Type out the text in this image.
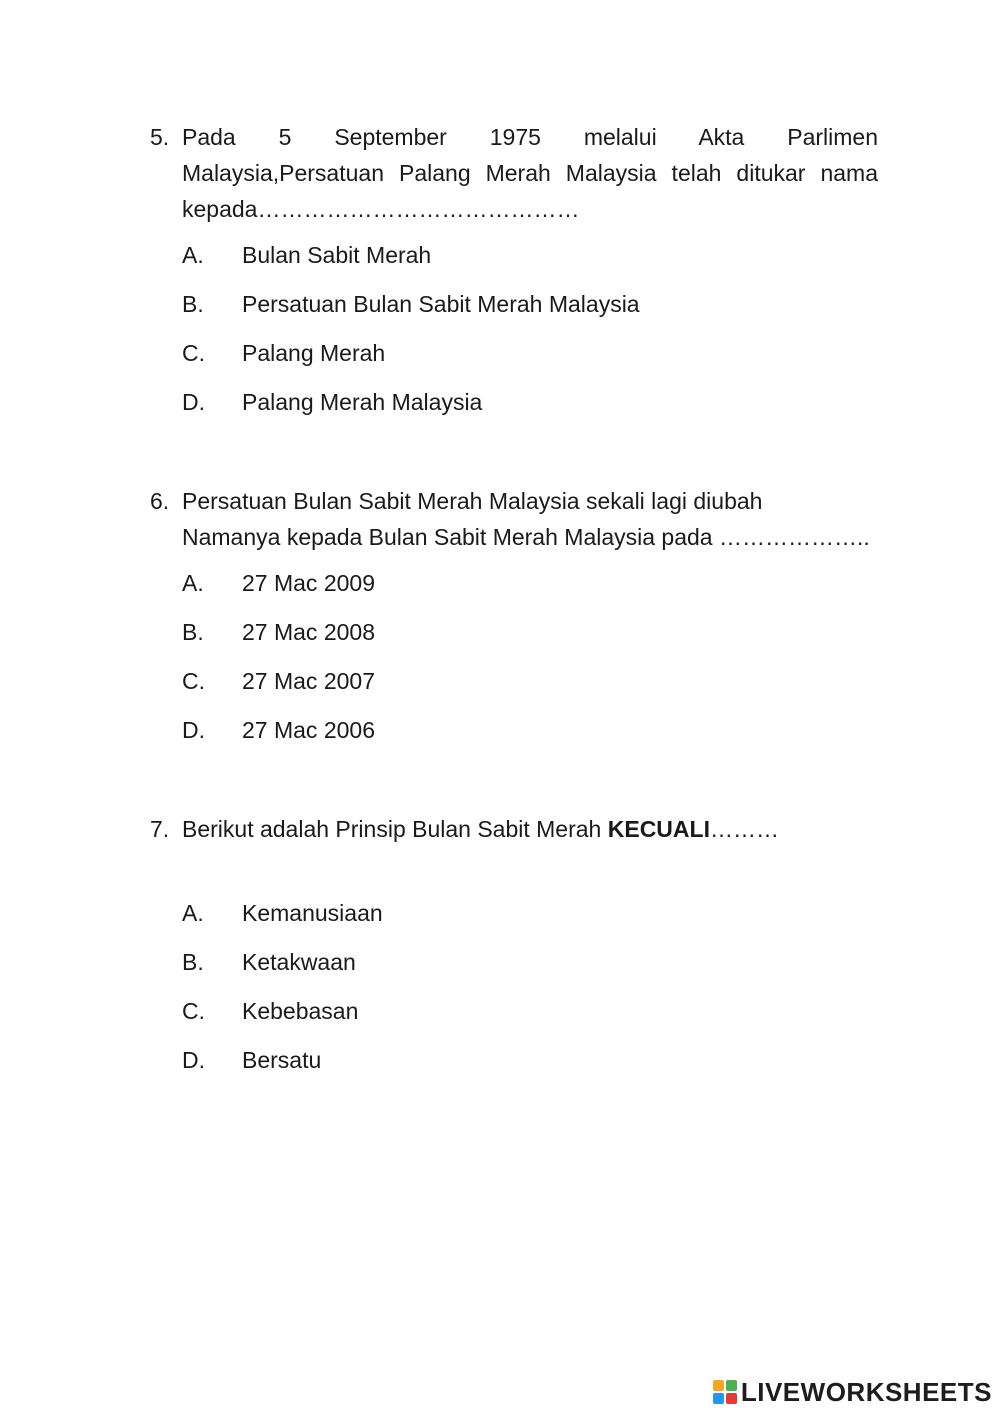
5. Pada 5 September 1975 melalui Akta Parlimen
Malaysia,Persatuan Palang Merah Malaysia telah ditukar nama kepada……………………………………
A.	Bulan Sabit Merah
B.	Persatuan Bulan Sabit Merah Malaysia
C.	Palang Merah
D.	Palang Merah Malaysia
6. Persatuan Bulan Sabit Merah Malaysia sekali lagi diubah
Namanya kepada Bulan Sabit Merah Malaysia pada ………………..
A.	27 Mac 2009
B.	27 Mac 2008
C.	27 Mac 2007
D.	27 Mac 2006
7. Berikut adalah Prinsip Bulan Sabit Merah KECUALI………
A.	Kemanusiaan
B.	Ketakwaan
C.	Kebebasan
D.	Bersatu
LIVEWORKSHEETS
